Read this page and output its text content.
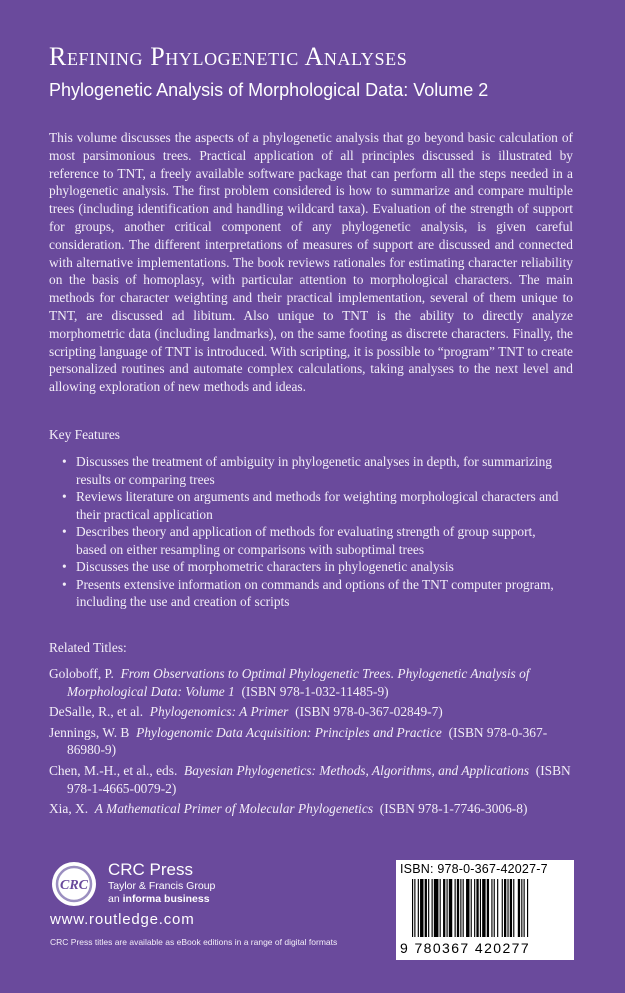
Refining Phylogenetic Analyses
Phylogenetic Analysis of Morphological Data: Volume 2

This volume discusses the aspects of a phylogenetic analysis that go beyond basic calculation of most parsimonious trees. Practical application of all principles discussed is illustrated by reference to TNT, a freely available software package that can perform all the steps needed in a phylogenetic analysis. The first problem considered is how to summarize and compare multiple trees (including identification and handling wildcard taxa). Evaluation of the strength of support for groups, another critical component of any phylogenetic analysis, is given careful consideration. The different interpretations of measures of support are discussed and connected with alternative implementations. The book reviews rationales for estimating character reliability on the basis of homoplasy, with particular attention to morphological characters. The main methods for character weighting and their practical implementation, several of them unique to TNT, are discussed ad libitum. Also unique to TNT is the ability to directly analyze morphometric data (including landmarks), on the same footing as discrete characters. Finally, the scripting language of TNT is introduced. With scripting, it is possible to “program” TNT to create personalized routines and automate complex calculations, taking analyses to the next level and allowing exploration of new methods and ideas.

Key Features
• Discusses the treatment of ambiguity in phylogenetic analyses in depth, for summarizing results or comparing trees
• Reviews literature on arguments and methods for weighting morphological characters and their practical application
• Describes theory and application of methods for evaluating strength of group support, based on either resampling or comparisons with suboptimal trees
• Discusses the use of morphometric characters in phylogenetic analysis
• Presents extensive information on commands and options of the TNT computer program, including the use and creation of scripts
Related Titles:
Goloboff, P. From Observations to Optimal Phylogenetic Trees. Phylogenetic Analysis of Morphological Data: Volume 1 (ISBN 978-1-032-11485-9)
DeSalle, R., et al. Phylogenomics: A Primer (ISBN 978-0-367-02849-7)
Jennings, W. B Phylogenomic Data Acquisition: Principles and Practice (ISBN 978-0-367-86980-9)
Chen, M.-H., et al., eds. Bayesian Phylogenetics: Methods, Algorithms, and Applications (ISBN 978-1-4665-0079-2)
Xia, X. A Mathematical Primer of Molecular Phylogenetics (ISBN 978-1-7746-3006-8)
CRC
CRC Press
Taylor & Francis Group
an informa business
www.routledge.com
CRC Press titles are available as eBook editions in a range of digital formats
ISBN: 978-0-367-42027-7
9 780367 420277
